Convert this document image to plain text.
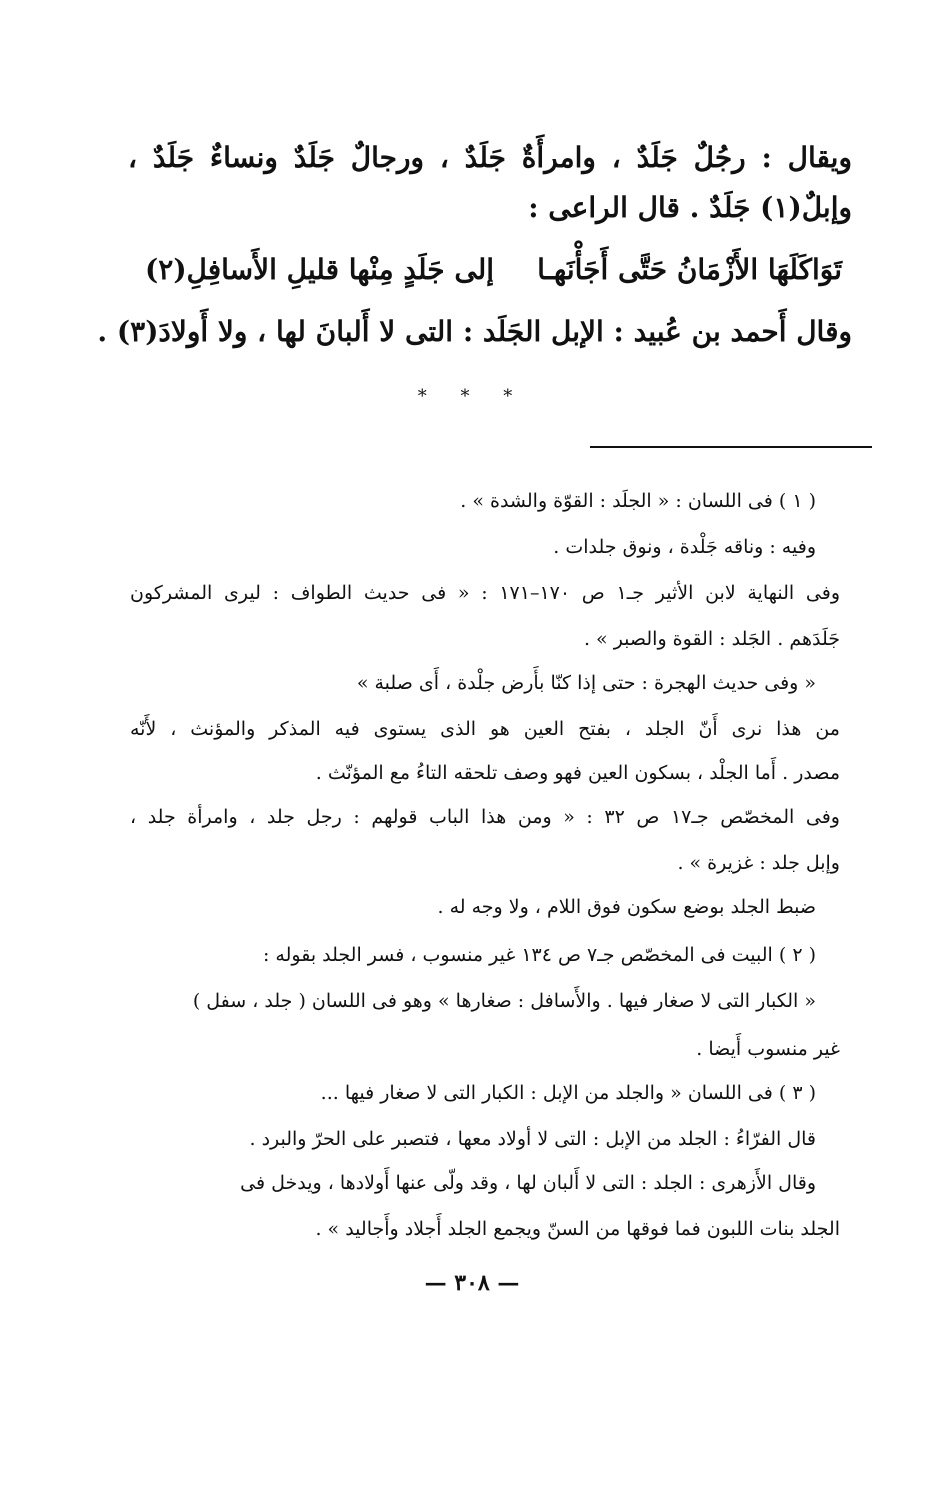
ويقال : رجُلٌ جَلَدٌ ، وامرأَةٌ جَلَدٌ ، ورجالٌ جَلَدٌ ونساءٌ جَلَدٌ ،
وإبلٌ(١) جَلَدٌ . قال الراعى :
تَوَاكَلَهَا الأَزْمَانُ حَتَّى أَجَأْنَهـا
إلى جَلَدٍ مِنْها قليلِ الأَسافِلِ(٢)
وقال أَحمد بن عُبيد : الإبل الجَلَد : التى لا أَلبانَ لها ، ولا أَولادَ(٣) .
* * *
( ١ ) فى اللسان : « الجلَد : القوّة والشدة » .
وفيه : وناقه جَلْدة ، ونوق جلدات .
وفى النهاية لابن الأثير جـ١ ص ١٧٠–١٧١ : « فى حديث الطواف : ليرى المشركون
جَلَدَهم . الجَلد : القوة والصبر » .
« وفى حديث الهجرة : حتى إذا كنّا بأَرض جلْدة ، أَى صلبة »
من هذا نرى أَنّ الجلد ، بفتح العين هو الذى يستوى فيه المذكر والمؤنث ، لأَنّه
مصدر . أَما الجلْد ، بسكون العين فهو وصف تلحقه التاءُ مع المؤنّث .
وفى المخصّص جـ١٧ ص ٣٢ : « ومن هذا الباب قولهم : رجل جلد ، وامرأة جلد ،
وإبل جلد : غزيرة » .
ضبط الجلد بوضع سكون فوق اللام ، ولا وجه له .
( ٢ ) البيت فى المخصّص جـ٧ ص ١٣٤ غير منسوب ، فسر الجلد بقوله :
« الكبار التى لا صغار فيها . والأَسافل : صغارها » وهو فى اللسان ( جلد ، سفل )
غير منسوب أَيضا .
( ٣ ) فى اللسان « والجلد من الإبل : الكبار التى لا صغار فيها ...
قال الفرّاءُ : الجلد من الإبل : التى لا أولاد معها ، فتصبر على الحرّ والبرد .
وقال الأَزهرى : الجلد : التى لا أَلبان لها ، وقد ولّى عنها أَولادها ، ويدخل فى
الجلد بنات اللبون فما فوقها من السنّ ويجمع الجلد أَجلاد وأَجاليد » .
— ٣٠٨ —
